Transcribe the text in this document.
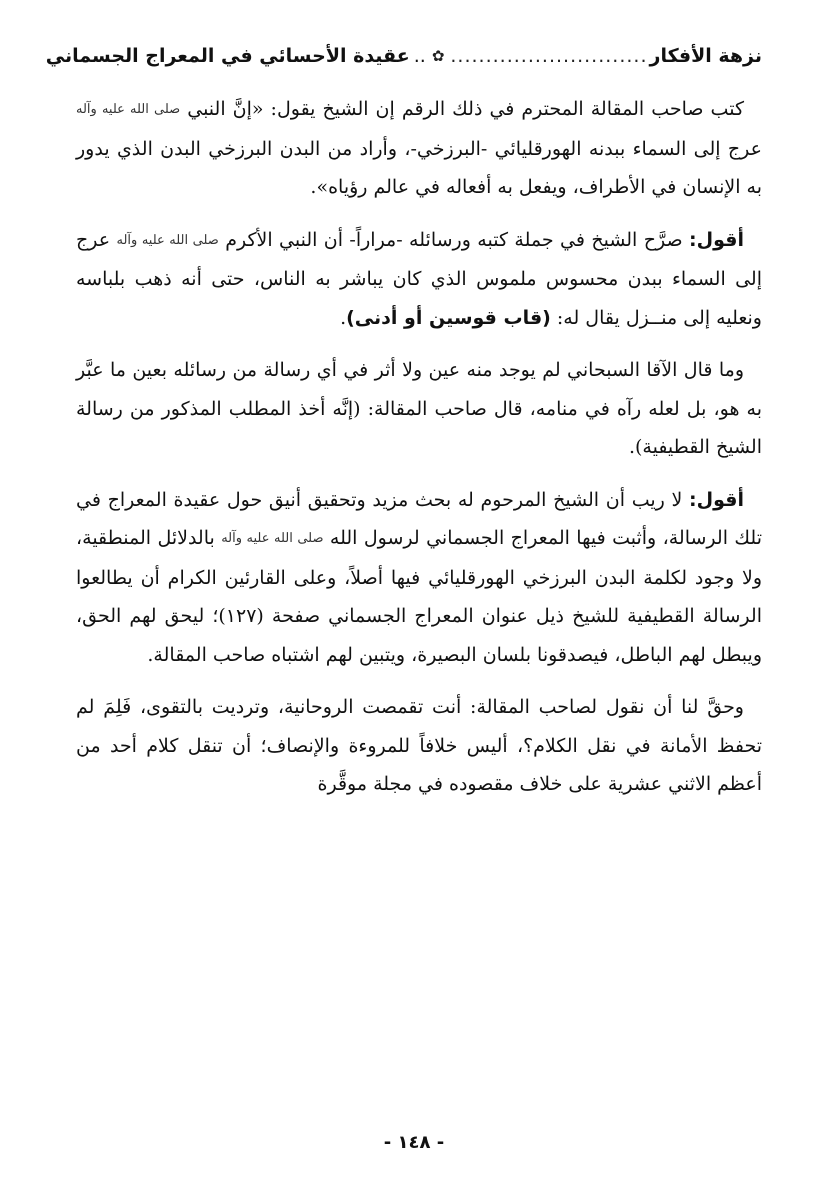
نزهة الأفكار
............................
✿
..
عقيدة الأحسائي في المعراج الجسماني

كتب صاحب المقالة المحترم في ذلك الرقم إن الشيخ يقول: «إنَّ النبي صلى الله عليه وآله عرج إلى السماء ببدنه الهورقليائي -البرزخي-، وأراد من البدن البرزخي البدن الذي يدور به الإنسان في الأطراف، ويفعل به أفعاله في عالم رؤياه».

أقول: صرَّح الشيخ في جملة كتبه ورسائله -مراراً- أن النبي الأكرم صلى الله عليه وآله عرج إلى السماء ببدن محسوس ملموس الذي كان يباشر به الناس، حتى أنه ذهب بلباسه ونعليه إلى منــزل يقال له: (قاب قوسين أو أدنى).

وما قال الآقا السبحاني لم يوجد منه عين ولا أثر في أي رسالة من رسائله بعين ما عبَّر به هو، بل لعله رآه في منامه، قال صاحب المقالة: (إنَّه أخذ المطلب المذكور من رسالة الشيخ القطيفية).

أقول: لا ريب أن الشيخ المرحوم له بحث مزيد وتحقيق أنيق حول عقيدة المعراج في تلك الرسالة، وأثبت فيها المعراج الجسماني لرسول الله صلى الله عليه وآله بالدلائل المنطقية، ولا وجود لكلمة البدن البرزخي الهورقليائي فيها أصلاً، وعلى القارئين الكرام أن يطالعوا الرسالة القطيفية للشيخ ذيل عنوان المعراج الجسماني صفحة (١٢٧)؛ ليحق لهم الحق، ويبطل لهم الباطل، فيصدقونا بلسان البصيرة، ويتبين لهم اشتباه صاحب المقالة.

وحقَّ لنا أن نقول لصاحب المقالة: أنت تقمصت الروحانية، وترديت بالتقوى، فَلِمَ لم تحفظ الأمانة في نقل الكلام؟، أليس خلافاً للمروءة والإنصاف؛ أن تنقل كلام أحد من أعظم الاثني عشرية على خلاف مقصوده في مجلة موقَّرة

- ١٤٨ -
